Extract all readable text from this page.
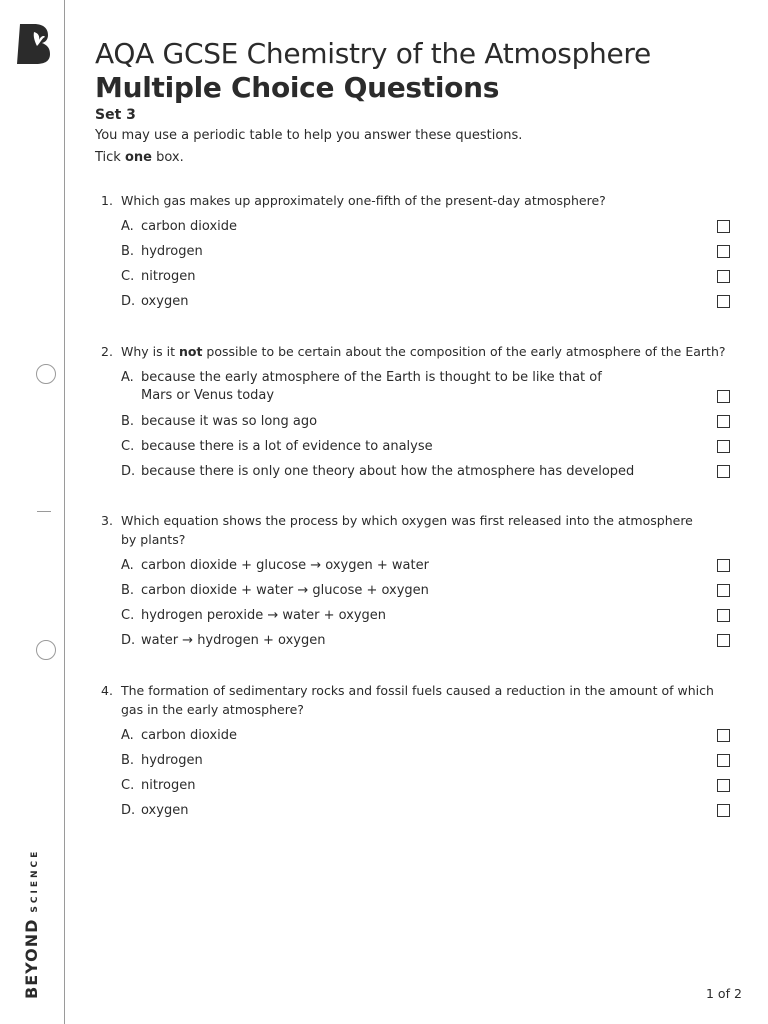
BEYONDSCIENCE
AQA GCSE Chemistry of the Atmosphere
Multiple Choice Questions
Set 3
You may use a periodic table to help you answer these questions.
Tick one box.
1. Which gas makes up approximately one-fifth of the present-day atmosphere?
A. carbon dioxide
B. hydrogen
C. nitrogen
D. oxygen
2. Why is it not possible to be certain about the composition of the early atmosphere of the Earth?
A. because the early atmosphere of the Earth is thought to be like that of
Mars or Venus today
B. because it was so long ago
C. because there is a lot of evidence to analyse
D. because there is only one theory about how the atmosphere has developed
3. Which equation shows the process by which oxygen was first released into the atmosphere
by plants?
A. carbon dioxide + glucose → oxygen + water
B. carbon dioxide + water → glucose + oxygen
C. hydrogen peroxide → water + oxygen
D. water → hydrogen + oxygen
4. The formation of sedimentary rocks and fossil fuels caused a reduction in the amount of which
gas in the early atmosphere?
A. carbon dioxide
B. hydrogen
C. nitrogen
D. oxygen
1 of 2
